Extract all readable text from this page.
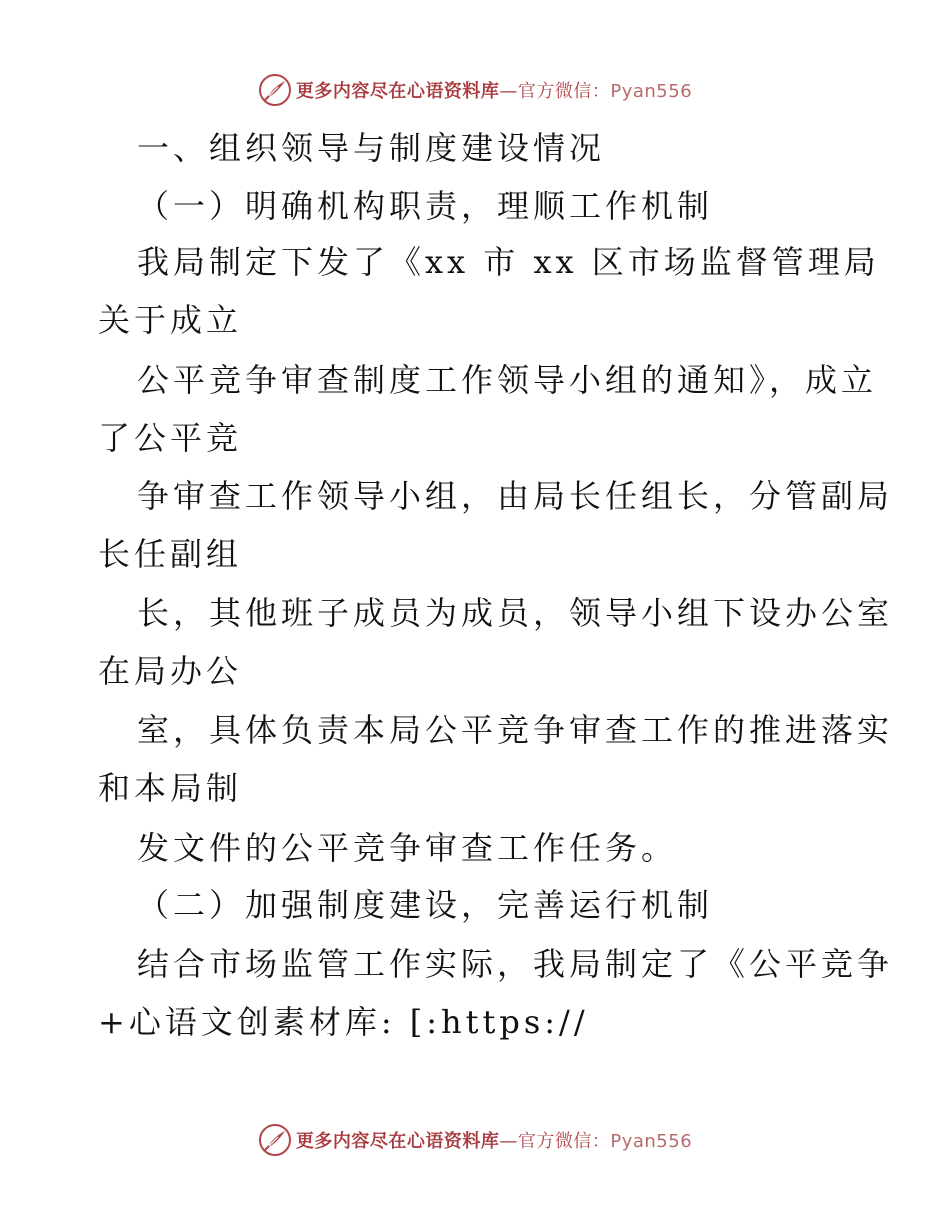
更多内容尽在心语资料库—官方微信：Pyan556
一、组织领导与制度建设情况
（一）明确机构职责，理顺工作机制
我局制定下发了《xx 市 xx 区市场监督管理局
关于成立
公平竞争审查制度工作领导小组的通知》，成立
了公平竞
争审查工作领导小组，由局长任组长，分管副局
长任副组
长，其他班子成员为成员，领导小组下设办公室
在局办公
室，具体负责本局公平竞争审查工作的推进落实
和本局制
发文件的公平竞争审查工作任务。
（二）加强制度建设，完善运行机制
结合市场监管工作实际，我局制定了《公平竞争
+心语文创素材库: [:https://
更多内容尽在心语资料库—官方微信：Pyan556
